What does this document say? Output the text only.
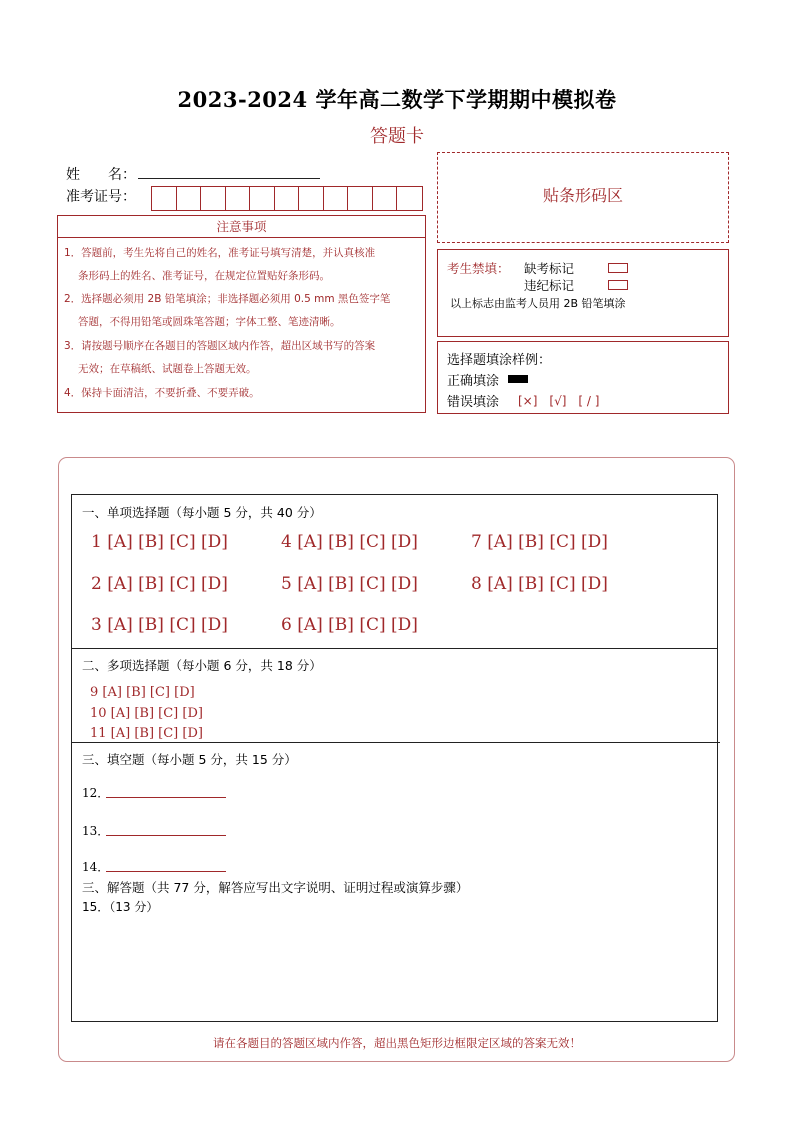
2023-2024 学年高二数学下学期期中模拟卷
答题卡
姓　　名：
准考证号：
注意事项
1．答题前，考生先将自己的姓名，准考证号填写清楚，并认真核准
条形码上的姓名、准考证号，在规定位置贴好条形码。
2．选择题必须用 2B 铅笔填涂；非选择题必须用 0.5 mm 黑色签字笔
答题，不得用铅笔或圆珠笔答题；字体工整、笔迹清晰。
3．请按题号顺序在各题目的答题区域内作答，超出区域书写的答案
无效；在草稿纸、试题卷上答题无效。
4．保持卡面清洁，不要折叠、不要弄破。
贴条形码区
考生禁填： 缺考标记
违纪标记
以上标志由监考人员用 2B 铅笔填涂
选择题填涂样例：
正确填涂
错误填涂 [×]　[√]　[ / ]
一、单项选择题（每小题 5 分，共 40 分）
1 [A] [B] [C] [D]
2 [A] [B] [C] [D]
3 [A] [B] [C] [D]
4 [A] [B] [C] [D]
5 [A] [B] [C] [D]
6 [A] [B] [C] [D]
7 [A] [B] [C] [D]
8 [A] [B] [C] [D]
二、多项选择题（每小题 6 分，共 18 分）
9 [A] [B] [C] [D]
10 [A] [B] [C] [D]
11 [A] [B] [C] [D]
三、填空题（每小题 5 分，共 15 分）
12．
13．
14．
三、解答题（共 77 分，解答应写出文字说明、证明过程或演算步骤）
15．（13 分）
请在各题目的答题区域内作答，超出黑色矩形边框限定区域的答案无效！
